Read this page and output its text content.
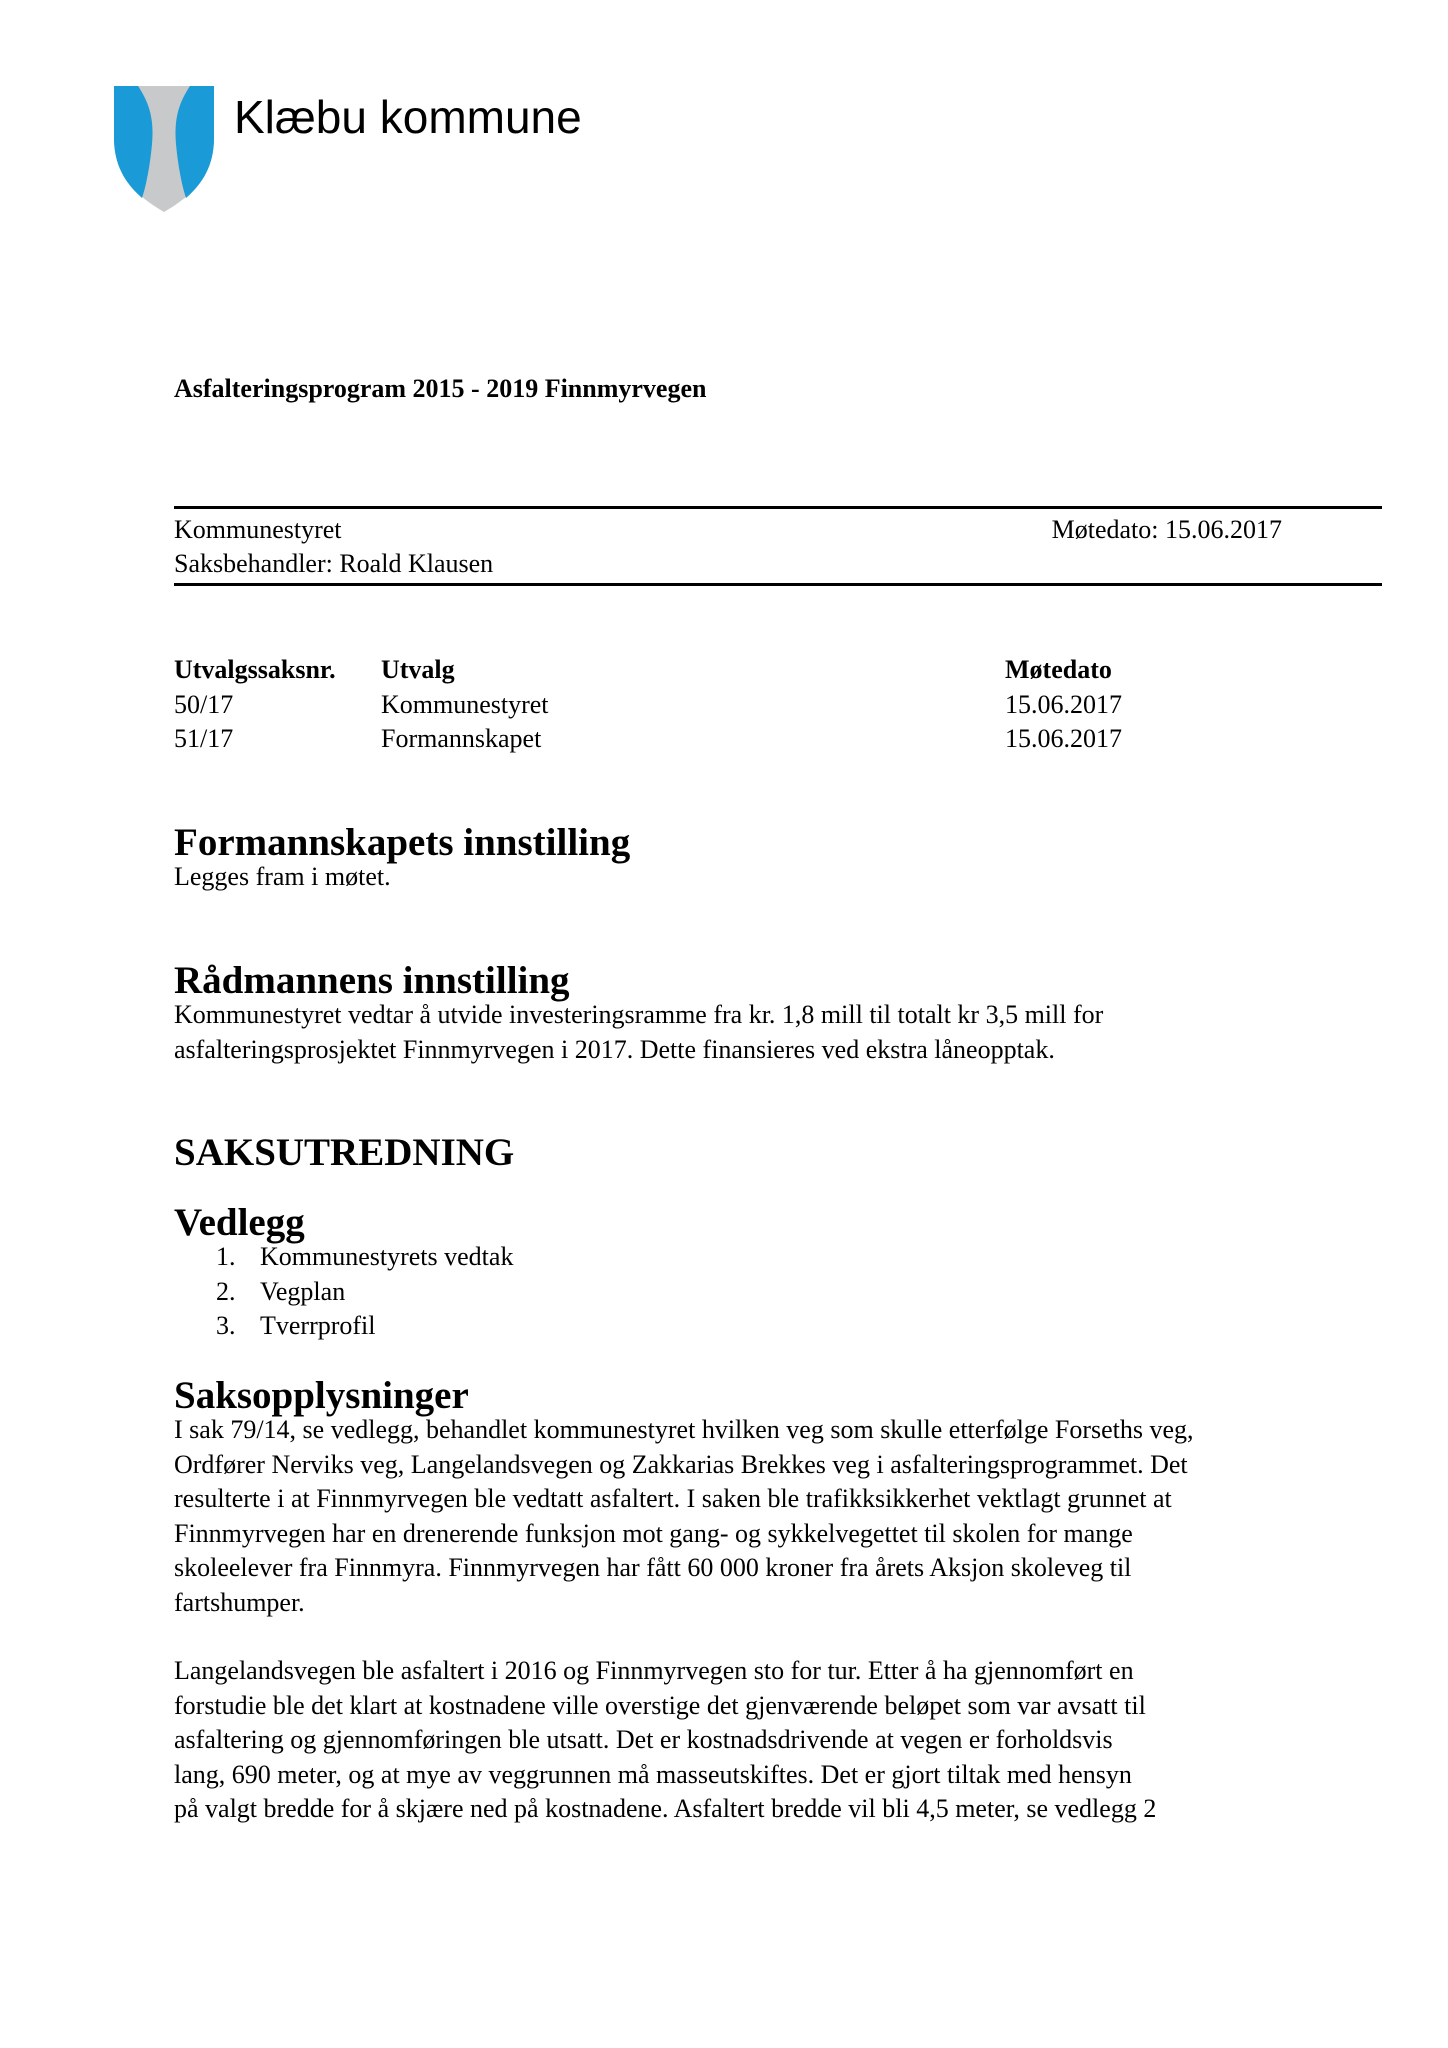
Klæbu kommune
Asfalteringsprogram 2015 - 2019 Finnmyrvegen
Kommunestyret	Møtedato: 15.06.2017
Saksbehandler: Roald Klausen
Utvalgssaksnr.	Utvalg	Møtedato
50/17	Kommunestyret	15.06.2017
51/17	Formannskapet	15.06.2017
Formannskapets innstilling

Legges fram i møtet.

Rådmannens innstilling

Kommunestyret vedtar å utvide investeringsramme fra kr. 1,8 mill til totalt kr 3,5 mill for
asfalteringsprosjektet Finnmyrvegen i 2017. Dette finansieres ved ekstra låneopptak.

SAKSUTREDNING
Vedlegg
1. Kommunestyrets vedtak
2. Vegplan
3. Tverrprofil
Saksopplysninger

I sak 79/14, se vedlegg, behandlet kommunestyret hvilken veg som skulle etterfølge Forseths veg,
Ordfører Nerviks veg, Langelandsvegen og Zakkarias Brekkes veg i asfalteringsprogrammet. Det
resulterte i at Finnmyrvegen ble vedtatt asfaltert. I saken ble trafikksikkerhet vektlagt grunnet at
Finnmyrvegen har en drenerende funksjon mot gang- og sykkelvegettet til skolen for mange
skoleelever fra Finnmyra. Finnmyrvegen har fått 60 000 kroner fra årets Aksjon skoleveg til
fartshumper.

Langelandsvegen ble asfaltert i 2016 og Finnmyrvegen sto for tur. Etter å ha gjennomført en
forstudie ble det klart at kostnadene ville overstige det gjenværende beløpet som var avsatt til
asfaltering og gjennomføringen ble utsatt. Det er kostnadsdrivende at vegen er forholdsvis
lang, 690 meter, og at mye av veggrunnen må masseutskiftes. Det er gjort tiltak med hensyn
på valgt bredde for å skjære ned på kostnadene. Asfaltert bredde vil bli 4,5 meter, se vedlegg 2
